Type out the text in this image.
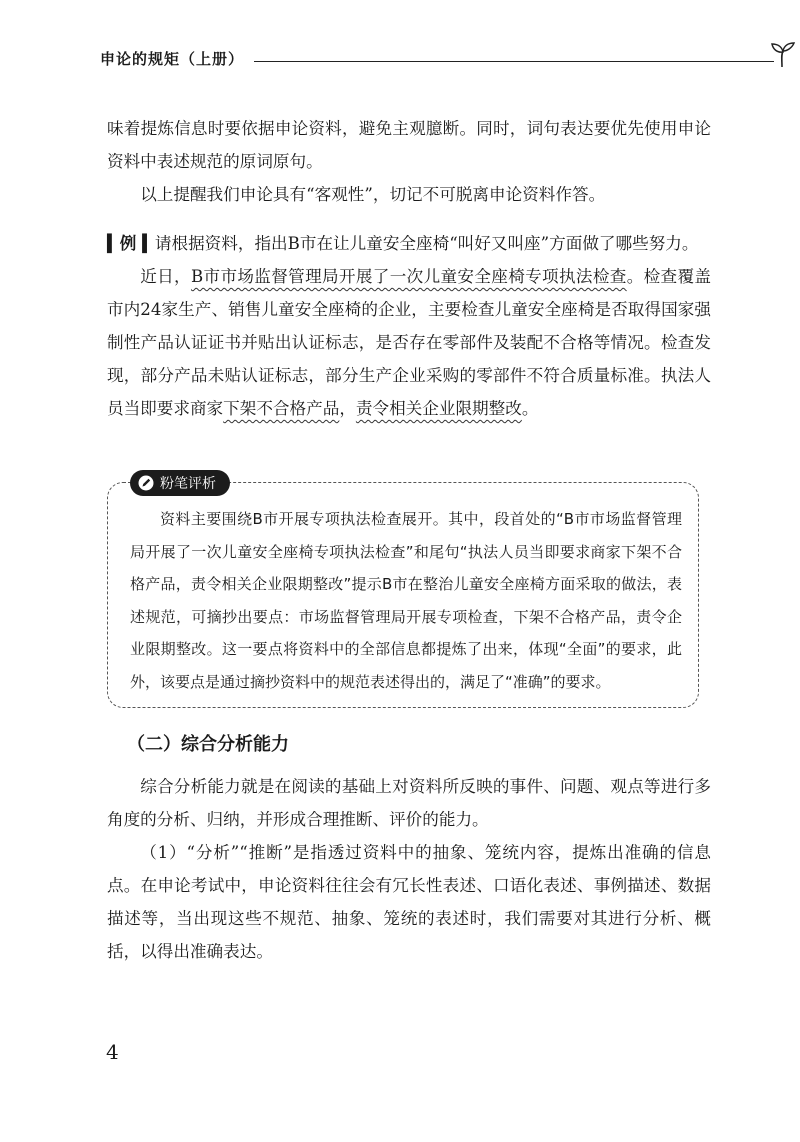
申论的规矩（上册）

味着提炼信息时要依据申论资料，避免主观臆断。同时，词句表达要优先使用申论资料中表述规范的原词原句。

以上提醒我们申论具有“客观性”，切记不可脱离申论资料作答。

▍例 ▍请根据资料，指出B市在让儿童安全座椅“叫好又叫座”方面做了哪些努力。

近日，B市市场监督管理局开展了一次儿童安全座椅专项执法检查。检查覆盖市内24家生产、销售儿童安全座椅的企业，主要检查儿童安全座椅是否取得国家强制性产品认证证书并贴出认证标志，是否存在零部件及装配不合格等情况。检查发现，部分产品未贴认证标志，部分生产企业采购的零部件不符合质量标准。执法人员当即要求商家下架不合格产品，责令相关企业限期整改。

粉笔评析

资料主要围绕B市开展专项执法检查展开。其中，段首处的“B市市场监督管理局开展了一次儿童安全座椅专项执法检查”和尾句“执法人员当即要求商家下架不合格产品，责令相关企业限期整改”提示B市在整治儿童安全座椅方面采取的做法，表述规范，可摘抄出要点：市场监督管理局开展专项检查，下架不合格产品，责令企业限期整改。这一要点将资料中的全部信息都提炼了出来，体现“全面”的要求，此外，该要点是通过摘抄资料中的规范表述得出的，满足了“准确”的要求。

（二）综合分析能力

综合分析能力就是在阅读的基础上对资料所反映的事件、问题、观点等进行多角度的分析、归纳，并形成合理推断、评价的能力。

（1）“分析”“推断”是指透过资料中的抽象、笼统内容，提炼出准确的信息点。在申论考试中，申论资料往往会有冗长性表述、口语化表述、事例描述、数据描述等，当出现这些不规范、抽象、笼统的表述时，我们需要对其进行分析、概括，以得出准确表达。

4
